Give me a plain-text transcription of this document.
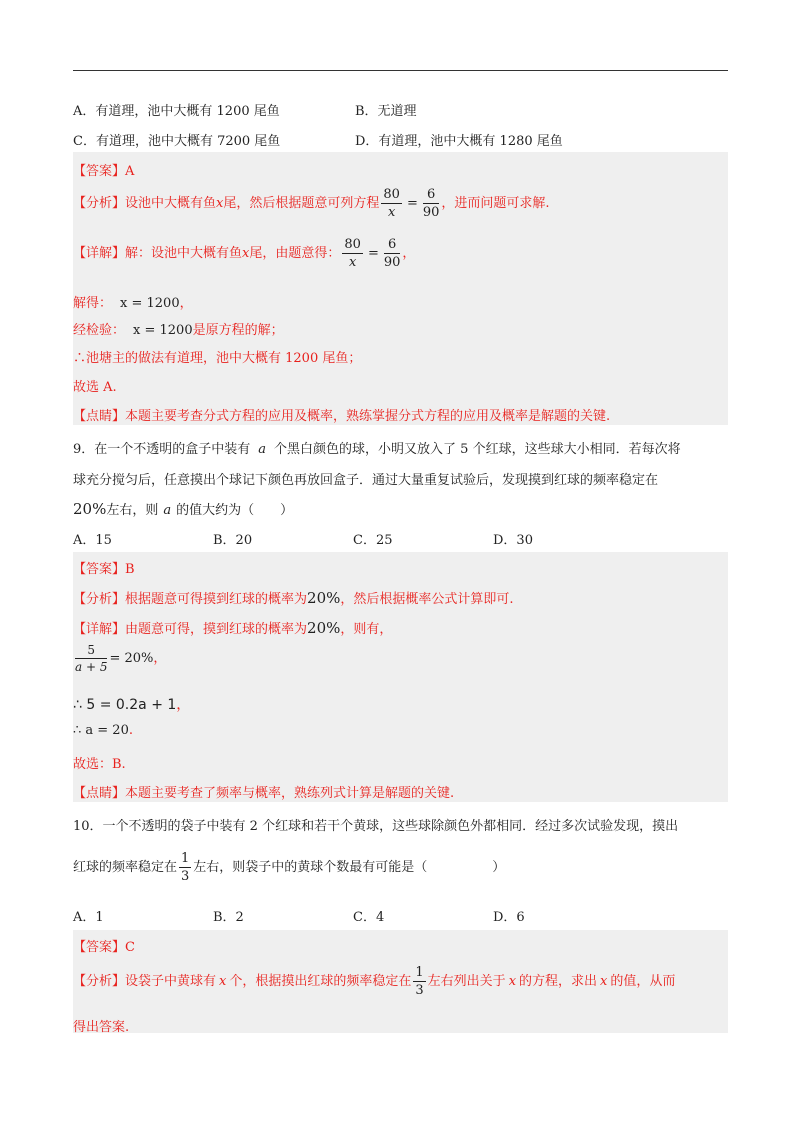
A．有道理，池中大概有 1200 尾鱼	B．无道理
C．有道理，池中大概有 7200 尾鱼	D．有道理，池中大概有 1280 尾鱼
【答案】A
【分析】设池中大概有鱼x尾，然后根据题意可列方程 $\frac{80}{x} = \frac{6}{90}$ ，进而问题可求解.
【详解】解：设池中大概有鱼x尾，由题意得： $\frac{80}{x} = \frac{6}{90}$ ，
解得： x = 1200，
经检验： x = 1200是原方程的解；
∴池塘主的做法有道理，池中大概有 1200 尾鱼；
故选 A.
【点睛】本题主要考查分式方程的应用及概率，熟练掌握分式方程的应用及概率是解题的关键.
9．在一个不透明的盒子中装有 a 个黑白颜色的球，小明又放入了 5 个红球，这些球大小相同．若每次将
球充分搅匀后，任意摸出个球记下颜色再放回盒子．通过大量重复试验后，发现摸到红球的频率稳定在
20%左右，则 a 的值大约为（　　）
A．15	B．20	C．25	D．30
【答案】B
【分析】根据题意可得摸到红球的概率为20%，然后根据概率公式计算即可.
【详解】由题意可得，摸到红球的概率为20%，则有，
$\frac{5}{a + 5} = 20\%$，
∴ 5 = 0.2a + 1，
∴ a = 20.
故选：B.
【点睛】本题主要考查了频率与概率，熟练列式计算是解题的关键.
10．一个不透明的袋子中装有 2 个红球和若干个黄球，这些球除颜色外都相同．经过多次试验发现，摸出
红球的频率稳定在 $\frac{1}{3}$ 左右，则袋子中的黄球个数最有可能是（　　　　　）
A．1	B．2	C．4	D．6
【答案】C
【分析】设袋子中黄球有 x 个，根据摸出红球的频率稳定在 $\frac{1}{3}$ 左右列出关于 x 的方程，求出 x 的值，从而
得出答案.
